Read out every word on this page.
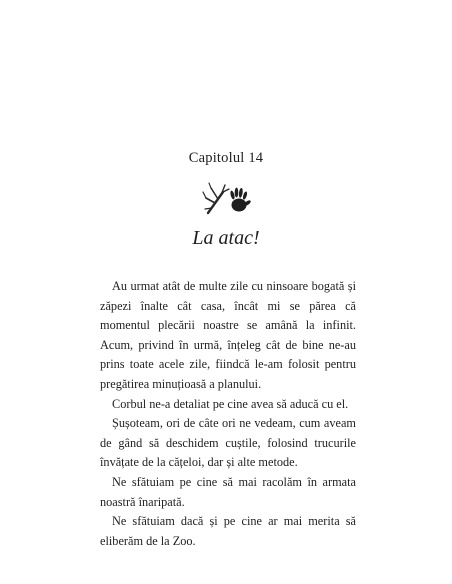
Capitolul 14
La atac!

Au urmat atât de multe zile cu ninsoare bogată și zăpezi înalte cât casa, încât mi se părea că momentul plecării noastre se amână la infinit. Acum, privind în urmă, înțeleg cât de bine ne-au prins toate acele zile, fiindcă le-am folosit pentru pregătirea minuțioasă a planului.

Corbul ne-a detaliat pe cine avea să aducă cu el.

Șușoteam, ori de câte ori ne vedeam, cum aveam de gând să deschidem cuștile, folosind trucurile învățate de la cățeloi, dar și alte metode.

Ne sfătuiam pe cine să mai racolăm în armata noastră înaripată.

Ne sfătuiam dacă și pe cine ar mai merita să eliberăm de la Zoo.
